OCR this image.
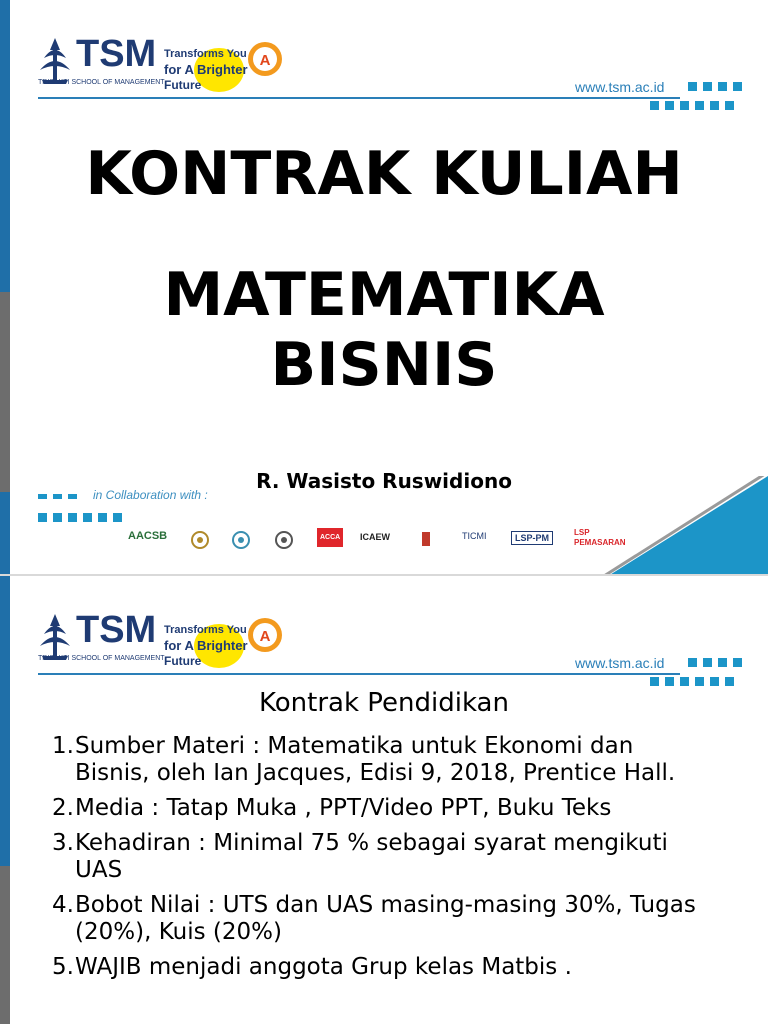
TSM
TRISAKTI SCHOOL OF MANAGEMENT
Transforms You
for A Brighter
Future
A
www.tsm.ac.id

KONTRAK KULIAH

MATEMATIKA

BISNIS

R. Wasisto Ruswidiono
in Collaboration with :
AACSB	ACCA	ICAEW	TICMI	LSP-PM
LSP PEMASARAN
TSM
TRISAKTI SCHOOL OF MANAGEMENT
Transforms You
for A Brighter
Future
A
www.tsm.ac.id
Kontrak Pendidikan
1. Sumber Materi : Matematika untuk Ekonomi dan Bisnis, oleh Ian Jacques, Edisi 9, 2018, Prentice Hall.
2. Media : Tatap Muka , PPT/Video PPT, Buku Teks
3. Kehadiran : Minimal 75 % sebagai syarat mengikuti UAS
4. Bobot Nilai : UTS dan UAS masing-masing 30%, Tugas (20%), Kuis (20%)
5. WAJIB menjadi anggota Grup kelas Matbis .
